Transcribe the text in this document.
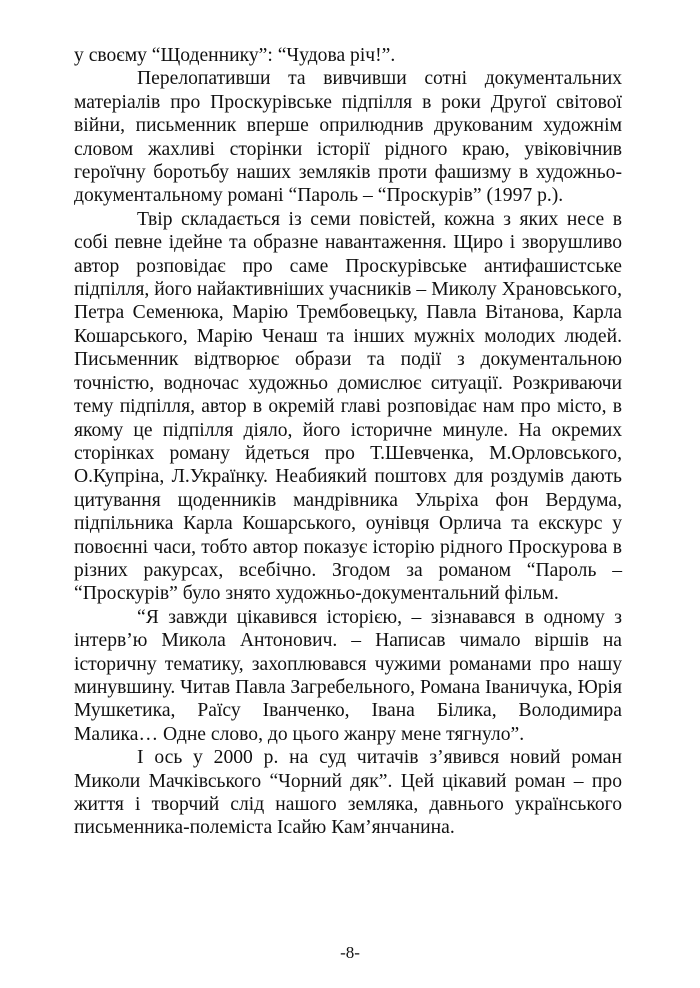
у своєму “Щоденнику”: “Чудова річ!”.

Перелопативши та вивчивши сотні документальних матеріалів про Проскурівське підпілля в роки Другої світової війни, письменник вперше оприлюднив друкованим художнім словом жахливі сторінки історії рідного краю, увіковічнив героїчну боротьбу наших земляків проти фашизму в художньо-документальному романі “Пароль – “Проскурів” (1997 р.).

Твір складається із семи повістей, кожна з яких несе в собі певне ідейне та образне навантаження. Щиро і зворушливо автор розповідає про саме Проскурівське антифашистське підпілля, його найактивніших учасників – Миколу Храновського, Петра Семенюка, Марію Трембовецьку, Павла Вітанова, Карла Кошарського, Марію Ченаш та інших мужніх молодих людей. Письменник відтворює образи та події з документальною точністю, водночас художньо домислює ситуації. Розкриваючи тему підпілля, автор в окремій главі розповідає нам про місто, в якому це підпілля діяло, його історичне минуле. На окремих сторінках роману йдеться про Т.Шевченка, М.Орловського, О.Купріна, Л.Українку. Неабиякий поштовх для роздумів дають цитування щоденників мандрівника Ульріха фон Вердума, підпільника Карла Кошарського, оунівця Орлича та екскурс у повоєнні часи, тобто автор показує історію рідного Проскурова в різних ракурсах, всебічно. Згодом за романом “Пароль – “Проскурів” було знято художньо-документальний фільм.

“Я завжди цікавився історією, – зізнавався в одному з інтерв’ю Микола Антонович. – Написав чимало віршів на історичну тематику, захоплювався чужими романами про нашу минувшину. Читав Павла Загребельного, Романа Іваничука, Юрія Мушкетика, Раїсу Іванченко, Івана Білика, Володимира Малика… Одне слово, до цього жанру мене тягнуло”.

І ось у 2000 р. на суд читачів з’явився новий роман Миколи Мачківського “Чорний дяк”. Цей цікавий роман – про життя і творчий слід нашого земляка, давнього українського письменника-полеміста Ісайю Кам’янчанина.

-8-
